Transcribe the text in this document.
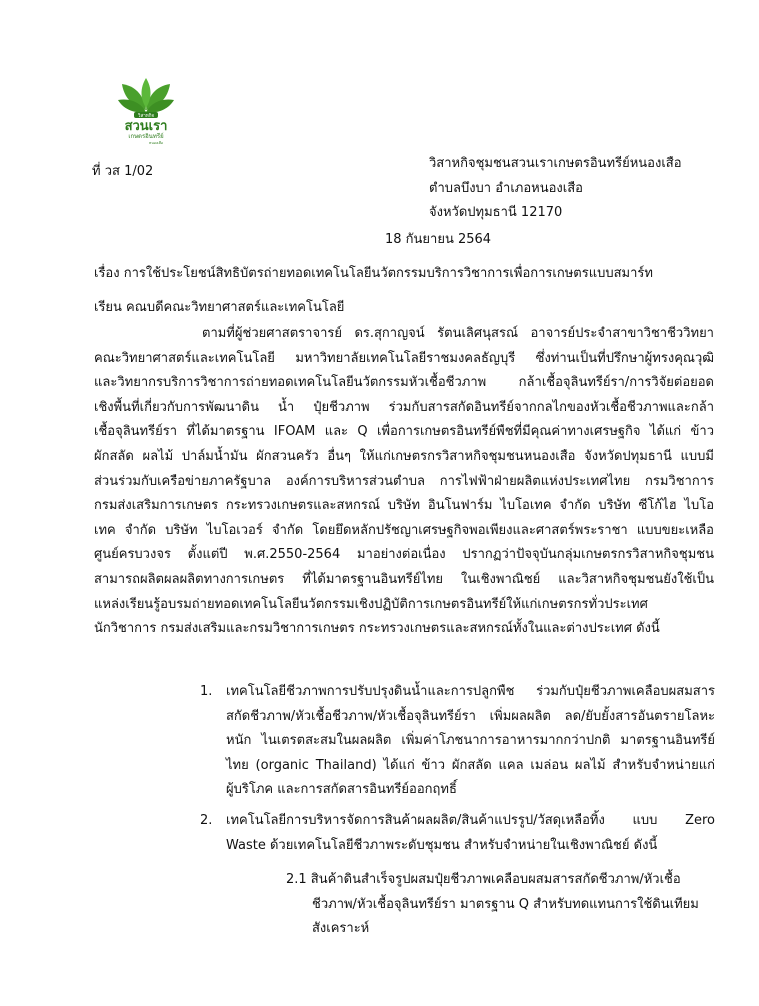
วิสาหกิจ
สวนเรา
เกษตรอินทรีย์
หนองเสือ
ที่ วส 1/02
วิสาหกิจชุมชนสวนเราเกษตรอินทรีย์หนองเสือ
ตำบลบึงบา อำเภอหนองเสือ
จังหวัดปทุมธานี 12170
18 กันยายน 2564
เรื่อง การใช้ประโยชน์สิทธิบัตรถ่ายทอดเทคโนโลยีนวัตกรรมบริการวิชาการเพื่อการเกษตรแบบสมาร์ท
เรียน คณบดีคณะวิทยาศาสตร์และเทคโนโลยี
ตามที่ผู้ช่วยศาสตราจารย์ ดร.สุกาญจน์ รัตนเลิศนุสรณ์ อาจารย์ประจำสาขาวิชาชีววิทยา
คณะวิทยาศาสตร์และเทคโนโลยี มหาวิทยาลัยเทคโนโลยีราชมงคลธัญบุรี ซึ่งท่านเป็นที่ปรึกษาผู้ทรงคุณวุฒิ
และวิทยากรบริการวิชาการถ่ายทอดเทคโนโลยีนวัตกรรมหัวเชื้อชีวภาพ กล้าเชื้อจุลินทรีย์รา/การวิจัยต่อยอด
เชิงพื้นที่เกี่ยวกับการพัฒนาดิน น้ำ ปุ๋ยชีวภาพ ร่วมกับสารสกัดอินทรีย์จากกลไกของหัวเชื้อชีวภาพและกล้า
เชื้อจุลินทรีย์รา ที่ได้มาตรฐาน IFOAM และ Q เพื่อการเกษตรอินทรีย์พืชที่มีคุณค่าทางเศรษฐกิจ ได้แก่ ข้าว
ผักสลัด ผลไม้ ปาล์มน้ำมัน ผักสวนครัว อื่นๆ ให้แก่เกษตรกรวิสาหกิจชุมชนหนองเสือ จังหวัดปทุมธานี แบบมี
ส่วนร่วมกับเครือข่ายภาครัฐบาล องค์การบริหารส่วนตำบล การไฟฟ้าฝ่ายผลิตแห่งประเทศไทย กรมวิชาการ
กรมส่งเสริมการเกษตร กระทรวงเกษตรและสหกรณ์ บริษัท อินโนฟาร์ม ไบโอเทค จำกัด บริษัท ซีโก้ไฮ ไบโอ
เทค จำกัด บริษัท ไบโอเวอร์ จำกัด โดยยึดหลักปรัชญาเศรษฐกิจพอเพียงและศาสตร์พระราชา แบบขยะเหลือ
ศูนย์ครบวงจร ตั้งแต่ปี พ.ศ.2550-2564 มาอย่างต่อเนื่อง ปรากฏว่าปัจจุบันกลุ่มเกษตรกรวิสาหกิจชุมชน
สามารถผลิตผลผลิตทางการเกษตร ที่ได้มาตรฐานอินทรีย์ไทย ในเชิงพาณิชย์ และวิสาหกิจชุมชนยังใช้เป็น
แหล่งเรียนรู้อบรมถ่ายทอดเทคโนโลยีนวัตกรรมเชิงปฏิบัติการเกษตรอินทรีย์ให้แก่เกษตรกรทั่วประเทศ
นักวิชาการ กรมส่งเสริมและกรมวิชาการเกษตร กระทรวงเกษตรและสหกรณ์ทั้งในและต่างประเทศ ดังนี้
1. เทคโนโลยีชีวภาพการปรับปรุงดินน้ำและการปลูกพืช ร่วมกับปุ๋ยชีวภาพเคลือบผสมสาร
สกัดชีวภาพ/หัวเชื้อชีวภาพ/หัวเชื้อจุลินทรีย์รา เพิ่มผลผลิต ลด/ยับยั้งสารอันตรายโลหะ
หนัก ไนเตรตสะสมในผลผลิต เพิ่มค่าโภชนาการอาหารมากกว่าปกติ มาตรฐานอินทรีย์
ไทย (organic Thailand) ได้แก่ ข้าว ผักสลัด แคล เมล่อน ผลไม้ สำหรับจำหน่ายแก่
ผู้บริโภค และการสกัดสารอินทรีย์ออกฤทธิ์
2. เทคโนโลยีการบริหารจัดการสินค้าผลผลิต/สินค้าแปรรูป/วัสดุเหลือทิ้ง แบบ Zero
Waste ด้วยเทคโนโลยีชีวภาพระดับชุมชน สำหรับจำหน่ายในเชิงพาณิชย์ ดังนี้
2.1 สินค้าดินสำเร็จรูปผสมปุ๋ยชีวภาพเคลือบผสมสารสกัดชีวภาพ/หัวเชื้อ
ชีวภาพ/หัวเชื้อจุลินทรีย์รา มาตรฐาน Q สำหรับทดแทนการใช้ดินเทียม
สังเคราะห์
